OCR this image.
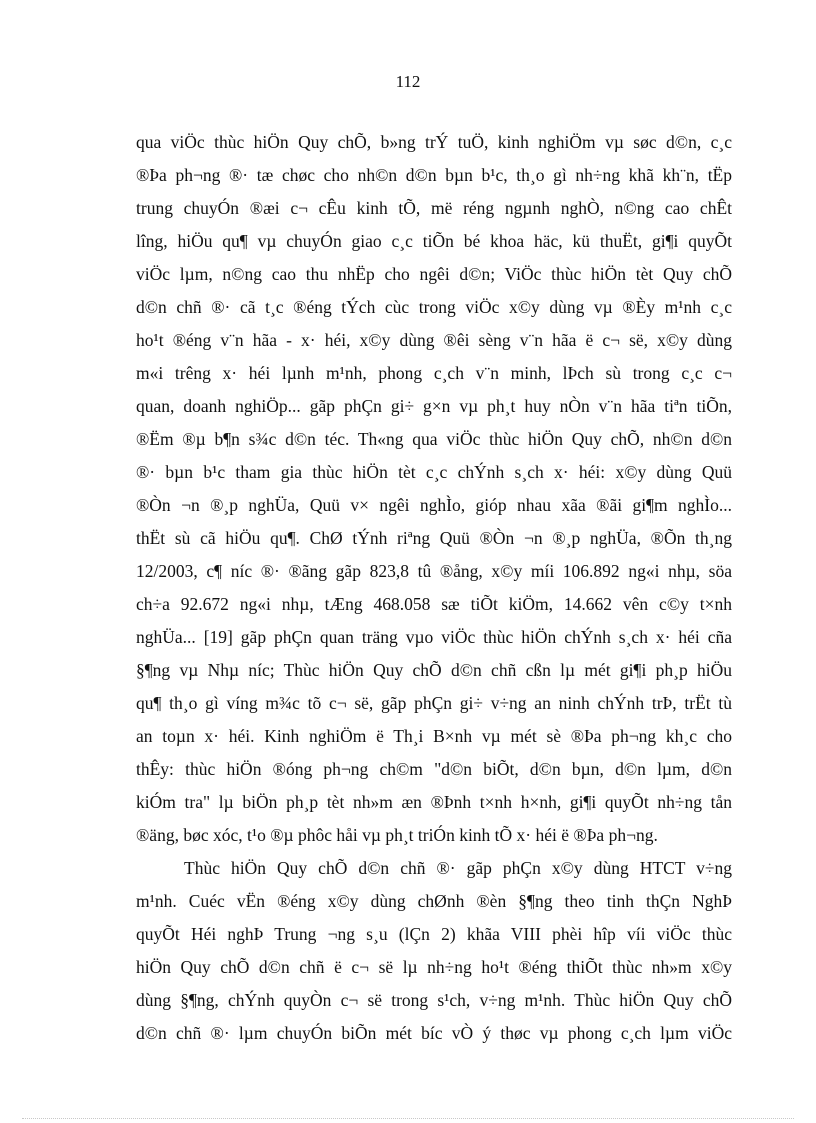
112
qua viÖc thùc hiÖn Quy chÕ, b»ng trÝ tuÖ, kinh nghiÖm vµ søc d©n, c¸c
®Þa ph¬ng ®· tæ chøc cho nh©n d©n bµn b¹c, th¸o gì nh÷ng khã kh¨n, tËp
trung chuyÓn ®æi c¬ cÊu kinh tÕ, më réng ngµnh nghÒ, n©ng cao chÊt
lîng, hiÖu qu¶ vµ chuyÓn giao c¸c tiÕn bé khoa häc, kü thuËt, gi¶i quyÕt
viÖc lµm, n©ng cao thu nhËp cho ngêi d©n; ViÖc thùc hiÖn tèt Quy chÕ
d©n chñ ®· cã t¸c ®éng tÝch cùc trong viÖc x©y dùng vµ ®Èy m¹nh c¸c
ho¹t ®éng v¨n hãa - x· héi, x©y dùng ®êi sèng v¨n hãa ë c¬ së, x©y dùng
m«i trêng x· héi lµnh m¹nh, phong c¸ch v¨n minh, lÞch sù trong c¸c c¬
quan, doanh nghiÖp... gãp phÇn gi÷ g×n vµ ph¸t huy nÒn v¨n hãa tiªn tiÕn,
®Ëm ®µ b¶n s¾c d©n téc. Th«ng qua viÖc thùc hiÖn Quy chÕ, nh©n d©n
®· bµn b¹c tham gia thùc hiÖn tèt c¸c chÝnh s¸ch x· héi: x©y dùng Quü
®Òn ¬n ®¸p nghÜa, Quü v× ngêi nghÌo, gióp nhau xãa ®ãi gi¶m nghÌo...
thËt sù cã hiÖu qu¶. ChØ tÝnh riªng Quü ®Òn ¬n ®¸p nghÜa, ®Õn th¸ng
12/2003, c¶ níc ®· ®ãng gãp 823,8 tû ®ång, x©y míi 106.892 ng«i nhµ, söa
ch÷a 92.672 ng«i nhµ, tÆng 468.058 sæ tiÕt kiÖm, 14.662 vên c©y t×nh
nghÜa... [19] gãp phÇn quan träng vµo viÖc thùc hiÖn chÝnh s¸ch x· héi cña
§¶ng vµ Nhµ níc; Thùc hiÖn Quy chÕ d©n chñ cßn lµ mét gi¶i ph¸p hiÖu
qu¶ th¸o gì víng m¾c tõ c¬ së, gãp phÇn gi÷ v÷ng an ninh chÝnh trÞ, trËt tù
an toµn x· héi. Kinh nghiÖm ë Th¸i B×nh vµ mét sè ®Þa ph¬ng kh¸c cho
thÊy: thùc hiÖn ®óng ph¬ng ch©m "d©n biÕt, d©n bµn, d©n lµm, d©n
kiÓm tra" lµ biÖn ph¸p tèt nh»m æn ®Þnh t×nh h×nh, gi¶i quyÕt nh÷ng tån
®äng, bøc xóc, t¹o ®µ phôc håi vµ ph¸t triÓn kinh tÕ x· héi ë ®Þa ph¬ng.
Thùc hiÖn Quy chÕ d©n chñ ®· gãp phÇn x©y dùng HTCT v÷ng
m¹nh. Cuéc vËn ®éng x©y dùng chØnh ®èn §¶ng theo tinh thÇn NghÞ
quyÕt Héi nghÞ Trung ¬ng s¸u (lÇn 2) khãa VIII phèi hîp víi viÖc thùc
hiÖn Quy chÕ d©n chñ ë c¬ së lµ nh÷ng ho¹t ®éng thiÕt thùc nh»m x©y
dùng §¶ng, chÝnh quyÒn c¬ së trong s¹ch, v÷ng m¹nh. Thùc hiÖn Quy chÕ
d©n chñ ®· lµm chuyÓn biÕn mét bíc vÒ ý thøc vµ phong c¸ch lµm viÖc
